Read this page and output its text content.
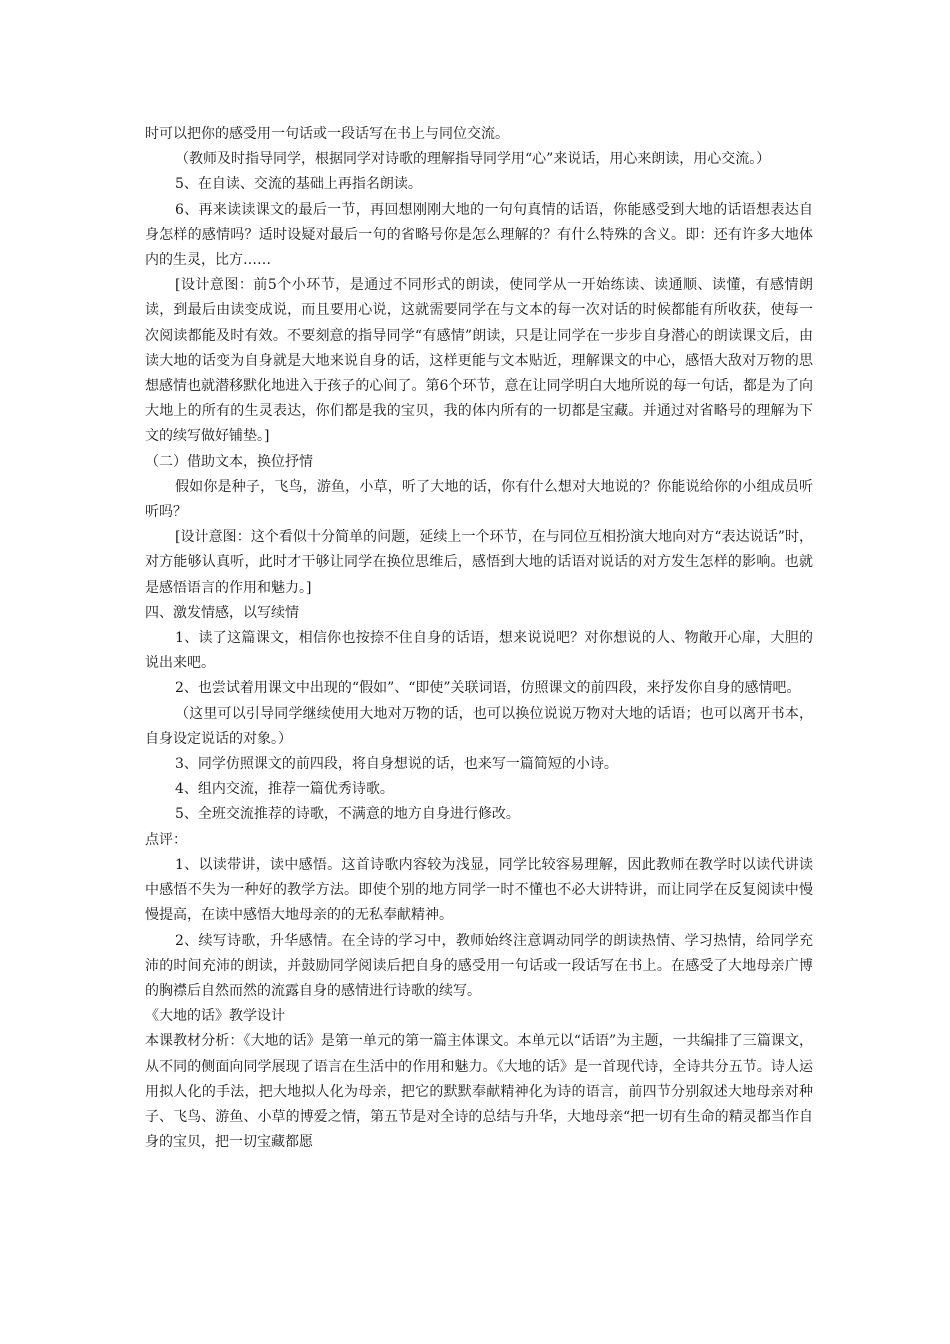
时可以把你的感受用一句话或一段话写在书上与同位交流。

（教师及时指导同学，根据同学对诗歌的理解指导同学用“心”来说话，用心来朗读，用心交流。）

5、在自读、交流的基础上再指名朗读。

6、再来读读课文的最后一节，再回想刚刚大地的一句句真情的话语，你能感受到大地的话语想表达自身怎样的感情吗？适时设疑对最后一句的省略号你是怎么理解的？有什么特殊的含义。即：还有许多大地体内的生灵，比方……

[设计意图：前5个小环节，是通过不同形式的朗读，使同学从一开始练读、读通顺、读懂，有感情朗读，到最后由读变成说，而且要用心说，这就需要同学在与文本的每一次对话的时候都能有所收获，使每一次阅读都能及时有效。不要刻意的指导同学“有感情”朗读，只是让同学在一步步自身潜心的朗读课文后，由读大地的话变为自身就是大地来说自身的话，这样更能与文本贴近，理解课文的中心，感悟大敌对万物的思想感情也就潜移默化地进入于孩子的心间了。第6个环节，意在让同学明白大地所说的每一句话，都是为了向大地上的所有的生灵表达，你们都是我的宝贝，我的体内所有的一切都是宝藏。并通过对省略号的理解为下文的续写做好铺垫。]

（二）借助文本，换位抒情

假如你是种子，飞鸟，游鱼，小草，听了大地的话，你有什么想对大地说的？你能说给你的小组成员听听吗？

[设计意图：这个看似十分简单的问题，延续上一个环节，在与同位互相扮演大地向对方“表达说话”时，对方能够认真听，此时才干够让同学在换位思维后，感悟到大地的话语对说话的对方发生怎样的影响。也就是感悟语言的作用和魅力。]

四、激发情感，以写续情

1、读了这篇课文，相信你也按捺不住自身的话语，想来说说吧？对你想说的人、物敞开心扉，大胆的说出来吧。

2、也尝试着用课文中出现的“假如”、“即使”关联词语，仿照课文的前四段，来抒发你自身的感情吧。

（这里可以引导同学继续使用大地对万物的话，也可以换位说说万物对大地的话语；也可以离开书本，自身设定说话的对象。）

3、同学仿照课文的前四段，将自身想说的话，也来写一篇简短的小诗。

4、组内交流，推荐一篇优秀诗歌。

5、全班交流推荐的诗歌，不满意的地方自身进行修改。

点评：

1、以读带讲，读中感悟。这首诗歌内容较为浅显，同学比较容易理解，因此教师在教学时以读代讲读中感悟不失为一种好的教学方法。即使个别的地方同学一时不懂也不必大讲特讲，而让同学在反复阅读中慢慢提高，在读中感悟大地母亲的的无私奉献精神。

2、续写诗歌，升华感情。在全诗的学习中，教师始终注意调动同学的朗读热情、学习热情，给同学充沛的时间充沛的朗读，并鼓励同学阅读后把自身的感受用一句话或一段话写在书上。在感受了大地母亲广博的胸襟后自然而然的流露自身的感情进行诗歌的续写。

《大地的话》教学设计

本课教材分析：《大地的话》是第一单元的第一篇主体课文。本单元以“话语”为主题，一共编排了三篇课文，从不同的侧面向同学展现了语言在生活中的作用和魅力。《大地的话》是一首现代诗，全诗共分五节。诗人运用拟人化的手法，把大地拟人化为母亲，把它的默默奉献精神化为诗的语言，前四节分别叙述大地母亲对种子、飞鸟、游鱼、小草的博爱之情，第五节是对全诗的总结与升华，大地母亲“把一切有生命的精灵都当作自身的宝贝，把一切宝藏都愿
